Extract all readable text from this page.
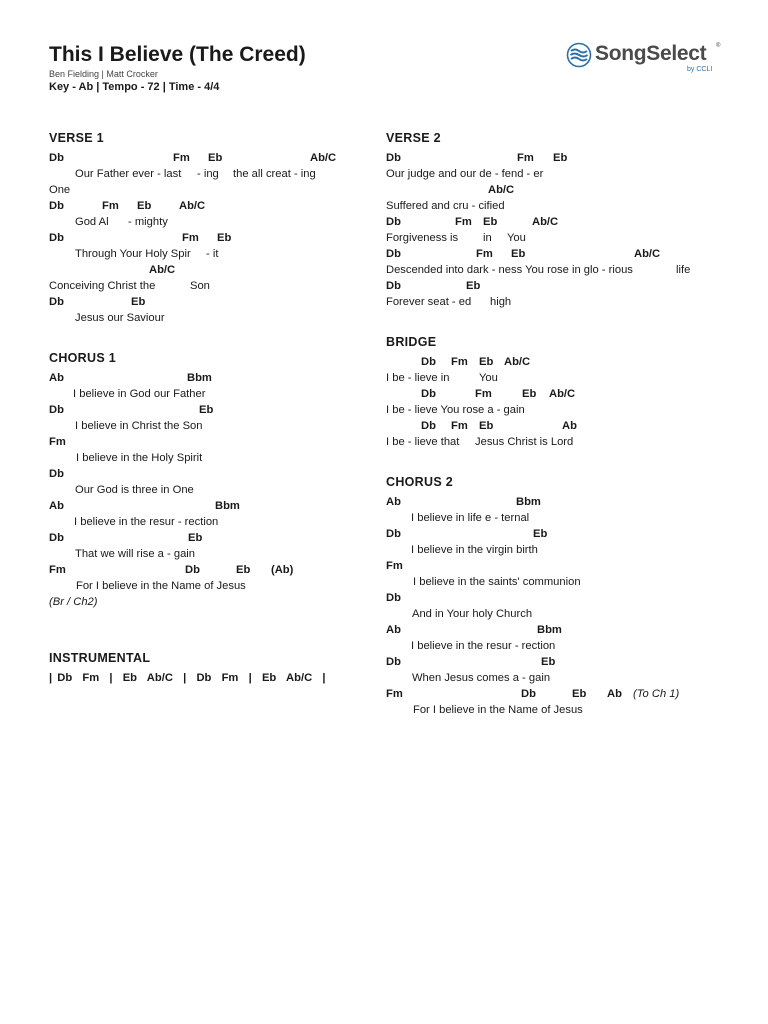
This I Believe (The Creed)
Ben Fielding | Matt Crocker
Key - Ab | Tempo - 72 | Time - 4/4
SongSelect ®
by CCLI
VERSE 1

Db

	Fm

Eb

	Ab/C

Our Father ever - last

- ing

the all creat - ing

One

Db

	Fm

Eb

Ab/C

God Al

- mighty

Db

	Fm

Eb

Through Your Holy Spir

- it

Ab/C

Conceiving Christ the

	Son

Db

	Eb

Jesus our Saviour

CHORUS 1

Ab

	Bbm

I believe in God our Father

Db

	Eb

I believe in Christ the Son

Fm

I believe in the Holy Spirit

Db

Our God is three in One

Ab

	Bbm

I believe in the resur - rection

Db

	Eb

That we will rise a - gain

Fm

	Db

	Eb

(Ab)

For I believe in the Name of Jesus

(Br / Ch2)

INSTRUMENTAL
| Db  Fm  |  Eb  Ab/C  |  Db  Fm  |  Eb  Ab/C  |
VERSE 2

Db

	Fm

Eb

Our judge and our de - fend - er

Ab/C

Suffered and cru - cified

Db

	Fm

Eb

	Ab/C

Forgiveness is

in

You

Db

	Fm

Eb

	Ab/C

Descended into dark - ness You rose in glo - rious

	life

Db

	Eb

Forever seat - ed

high

BRIDGE

Db

Fm

Eb

Ab/C

I be - lieve in

	You

Db

	Fm

	Eb

Ab/C

I be - lieve You rose a - gain

Db

Fm

Eb

	Ab

I be - lieve that

Jesus Christ is Lord

CHORUS 2

Ab

	Bbm

I believe in life e - ternal

Db

	Eb

I believe in the virgin birth

Fm

I believe in the saints' communion

Db

And in Your holy Church

Ab

	Bbm

I believe in the resur - rection

Db

	Eb

When Jesus comes a - gain

Fm

	Db

	Eb

Ab

(To Ch 1)

For I believe in the Name of Jesus
